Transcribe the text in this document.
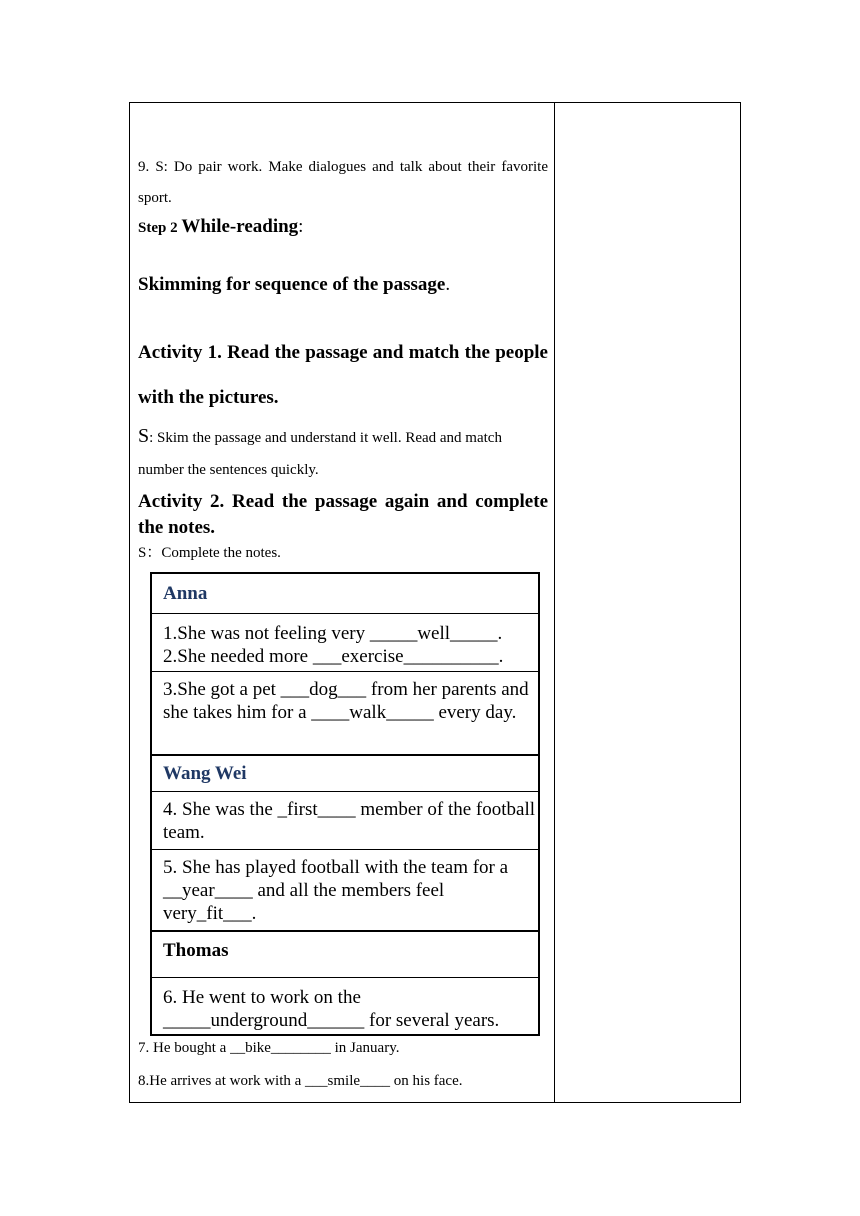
9. S: Do pair work. Make dialogues and talk about their favorite sport.
Step 2 While-reading:
Skimming for sequence of the passage.
Activity 1. Read the passage and match the people with the pictures.
S: Skim the passage and understand it well. Read and match number the sentences quickly.
Activity 2. Read the passage again and complete the notes.
S：Complete the notes.
Anna
1.She was not feeling very _____well_____.
2.She needed more ___exercise__________.
3.She got a pet ___dog___ from her parents and she takes him for a ____walk_____ every day.
Wang Wei
4. She was the _first____ member of the football team.
5. She has played football with the team for a __year____ and all the members feel very_fit___.
Thomas
6. He went to work on the _____underground______ for several years.
7. He bought a __bike________ in January.
8.He arrives at work with a ___smile____ on his face.
